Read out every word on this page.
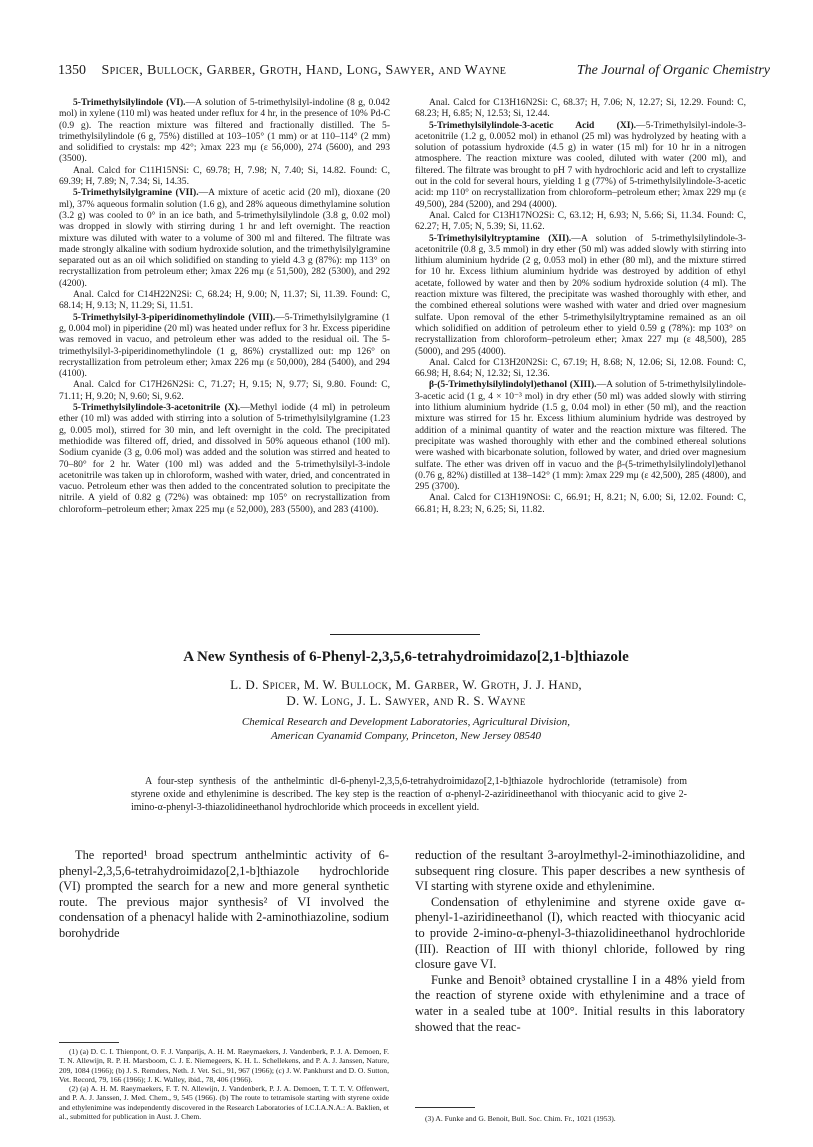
1350 Spicer, Bullock, Garber, Groth, Hand, Long, Sawyer, and Wayne	The Journal of Organic Chemistry

5-Trimethylsilylindole (VI).—A solution of 5-trimethylsilyl-indoline (8 g, 0.042 mol) in xylene (110 ml) was heated under reflux for 4 hr, in the presence of 10% Pd-C (0.9 g). The reaction mixture was filtered and fractionally distilled. The 5-trimethylsilylindole (6 g, 75%) distilled at 103–105° (1 mm) or at 110–114° (2 mm) and solidified to crystals: mp 42°; λmax 223 mμ (ε 56,000), 274 (5600), and 293 (3500).

Anal. Calcd for C11H15NSi: C, 69.78; H, 7.98; N, 7.40; Si, 14.82. Found: C, 69.39; H, 7.89; N, 7.34; Si, 14.35.

5-Trimethylsilylgramine (VII).—A mixture of acetic acid (20 ml), dioxane (20 ml), 37% aqueous formalin solution (1.6 g), and 28% aqueous dimethylamine solution (3.2 g) was cooled to 0° in an ice bath, and 5-trimethylsilylindole (3.8 g, 0.02 mol) was dropped in slowly with stirring during 1 hr and left overnight. The reaction mixture was diluted with water to a volume of 300 ml and filtered. The filtrate was made strongly alkaline with sodium hydroxide solution, and the trimethylsilylgramine separated out as an oil which solidified on standing to yield 4.3 g (87%): mp 113° on recrystallization from petroleum ether; λmax 226 mμ (ε 51,500), 282 (5300), and 292 (4200).

Anal. Calcd for C14H22N2Si: C, 68.24; H, 9.00; N, 11.37; Si, 11.39. Found: C, 68.14; H, 9.13; N, 11.29; Si, 11.51.

5-Trimethylsilyl-3-piperidinomethylindole (VIII).—5-Trimethylsilylgramine (1 g, 0.004 mol) in piperidine (20 ml) was heated under reflux for 3 hr. Excess piperidine was removed in vacuo, and petroleum ether was added to the residual oil. The 5-trimethylsilyl-3-piperidinomethylindole (1 g, 86%) crystallized out: mp 126° on recrystallization from petroleum ether; λmax 226 mμ (ε 50,000), 284 (5400), and 294 (4100).

Anal. Calcd for C17H26N2Si: C, 71.27; H, 9.15; N, 9.77; Si, 9.80. Found: C, 71.11; H, 9.20; N, 9.60; Si, 9.62.

5-Trimethylsilylindole-3-acetonitrile (X).—Methyl iodide (4 ml) in petroleum ether (10 ml) was added with stirring into a solution of 5-trimethylsilylgramine (1.23 g, 0.005 mol), stirred for 30 min, and left overnight in the cold. The precipitated methiodide was filtered off, dried, and dissolved in 50% aqueous ethanol (100 ml). Sodium cyanide (3 g, 0.06 mol) was added and the solution was stirred and heated to 70–80° for 2 hr. Water (100 ml) was added and the 5-trimethylsilyl-3-indole acetonitrile was taken up in chloroform, washed with water, dried, and concentrated in vacuo. Petroleum ether was then added to the concentrated solution to precipitate the nitrile. A yield of 0.82 g (72%) was obtained: mp 105° on recrystallization from chloroform–petroleum ether; λmax 225 mμ (ε 52,000), 283 (5500), and 283 (4100).

Anal. Calcd for C13H16N2Si: C, 68.37; H, 7.06; N, 12.27; Si, 12.29. Found: C, 68.23; H, 6.85; N, 12.53; Si, 12.44.

5-Trimethylsilylindole-3-acetic Acid (XI).—5-Trimethylsilyl-indole-3-acetonitrile (1.2 g, 0.0052 mol) in ethanol (25 ml) was hydrolyzed by heating with a solution of potassium hydroxide (4.5 g) in water (15 ml) for 10 hr in a nitrogen atmosphere. The reaction mixture was cooled, diluted with water (200 ml), and filtered. The filtrate was brought to pH 7 with hydrochloric acid and left to crystallize out in the cold for several hours, yielding 1 g (77%) of 5-trimethylsilylindole-3-acetic acid: mp 110° on recrystallization from chloroform–petroleum ether; λmax 229 mμ (ε 49,500), 284 (5200), and 294 (4000).

Anal. Calcd for C13H17NO2Si: C, 63.12; H, 6.93; N, 5.66; Si, 11.34. Found: C, 62.27; H, 7.05; N, 5.39; Si, 11.62.

5-Trimethylsilyltryptamine (XII).—A solution of 5-trimethylsilylindole-3-acetonitrile (0.8 g, 3.5 mmol) in dry ether (50 ml) was added slowly with stirring into lithium aluminium hydride (2 g, 0.053 mol) in ether (80 ml), and the mixture stirred for 10 hr. Excess lithium aluminium hydride was destroyed by addition of ethyl acetate, followed by water and then by 20% sodium hydroxide solution (4 ml). The reaction mixture was filtered, the precipitate was washed thoroughly with ether, and the combined ethereal solutions were washed with water and dried over magnesium sulfate. Upon removal of the ether 5-trimethylsilyltryptamine remained as an oil which solidified on addition of petroleum ether to yield 0.59 g (78%): mp 103° on recrystallization from chloroform–petroleum ether; λmax 227 mμ (ε 48,500), 285 (5000), and 295 (4000).

Anal. Calcd for C13H20N2Si: C, 67.19; H, 8.68; N, 12.06; Si, 12.08. Found: C, 66.98; H, 8.64; N, 12.32; Si, 12.36.

β-(5-Trimethylsilylindolyl)ethanol (XIII).—A solution of 5-trimethylsilylindole-3-acetic acid (1 g, 4 × 10⁻³ mol) in dry ether (50 ml) was added slowly with stirring into lithium aluminium hydride (1.5 g, 0.04 mol) in ether (50 ml), and the reaction mixture was stirred for 15 hr. Excess lithium aluminium hydride was destroyed by addition of a minimal quantity of water and the reaction mixture was filtered. The precipitate was washed thoroughly with ether and the combined ethereal solutions were washed with bicarbonate solution, followed by water, and dried over magnesium sulfate. The ether was driven off in vacuo and the β-(5-trimethylsilylindolyl)ethanol (0.76 g, 82%) distilled at 138–142° (1 mm): λmax 229 mμ (ε 42,500), 285 (4800), and 295 (3700).

Anal. Calcd for C13H19NOSi: C, 66.91; H, 8.21; N, 6.00; Si, 12.02. Found: C, 66.81; H, 8.23; N, 6.25; Si, 11.82.

A New Synthesis of 6-Phenyl-2,3,5,6-tetrahydroimidazo[2,1-b]thiazole
L. D. Spicer, M. W. Bullock, M. Garber, W. Groth, J. J. Hand,
D. W. Long, J. L. Sawyer, and R. S. Wayne
Chemical Research and Development Laboratories, Agricultural Division,
American Cyanamid Company, Princeton, New Jersey 08540
A four-step synthesis of the anthelmintic dl-6-phenyl-2,3,5,6-tetrahydroimidazo[2,1-b]thiazole hydrochloride (tetramisole) from styrene oxide and ethylenimine is described. The key step is the reaction of α-phenyl-2-aziridineethanol with thiocyanic acid to give 2-imino-α-phenyl-3-thiazolidineethanol hydrochloride which proceeds in excellent yield.

The reported¹ broad spectrum anthelmintic activity of 6-phenyl-2,3,5,6-tetrahydroimidazo[2,1-b]thiazole hydrochloride (VI) prompted the search for a new and more general synthetic route. The previous major synthesis² of VI involved the condensation of a phenacyl halide with 2-aminothiazoline, sodium borohydride

reduction of the resultant 3-aroylmethyl-2-iminothiazolidine, and subsequent ring closure. This paper describes a new synthesis of VI starting with styrene oxide and ethylenimine.

Condensation of ethylenimine and styrene oxide gave α-phenyl-1-aziridineethanol (I), which reacted with thiocyanic acid to provide 2-imino-α-phenyl-3-thiazolidineethanol hydrochloride (III). Reaction of III with thionyl chloride, followed by ring closure gave VI.

Funke and Benoit³ obtained crystalline I in a 48% yield from the reaction of styrene oxide with ethylenimine and a trace of water in a sealed tube at 100°. Initial results in this laboratory showed that the reac-

(1) (a) D. C. I. Thienpont, O. F. J. Vanparijs, A. H. M. Raeymaekers, J. Vandenberk, P. J. A. Demoen, F. T. N. Allewijn, R. P. H. Marsboom, C. J. E. Niemegeers, K. H. L. Schellekens, and P. A. J. Janssen, Nature, 209, 1084 (1966); (b) J. S. Remders, Neth. J. Vet. Sci., 91, 967 (1966); (c) J. W. Pankhurst and D. O. Sutton, Vet. Record, 79, 166 (1966); J. K. Walley, ibid., 78, 406 (1966).

(2) (a) A. H. M. Raeymaekers, F. T. N. Allewijn, J. Vandenberk, P. J. A. Demoen, T. T. T. V. Offenwert, and P. A. J. Janssen, J. Med. Chem., 9, 545 (1966). (b) The route to tetramisole starting with styrene oxide and ethylenimine was independently discovered in the Research Laboratories of I.C.I.A.N.A.: A. Baklien, et al., submitted for publication in Aust. J. Chem.	(3) A. Funke and G. Benoit, Bull. Soc. Chim. Fr., 1021 (1953).
